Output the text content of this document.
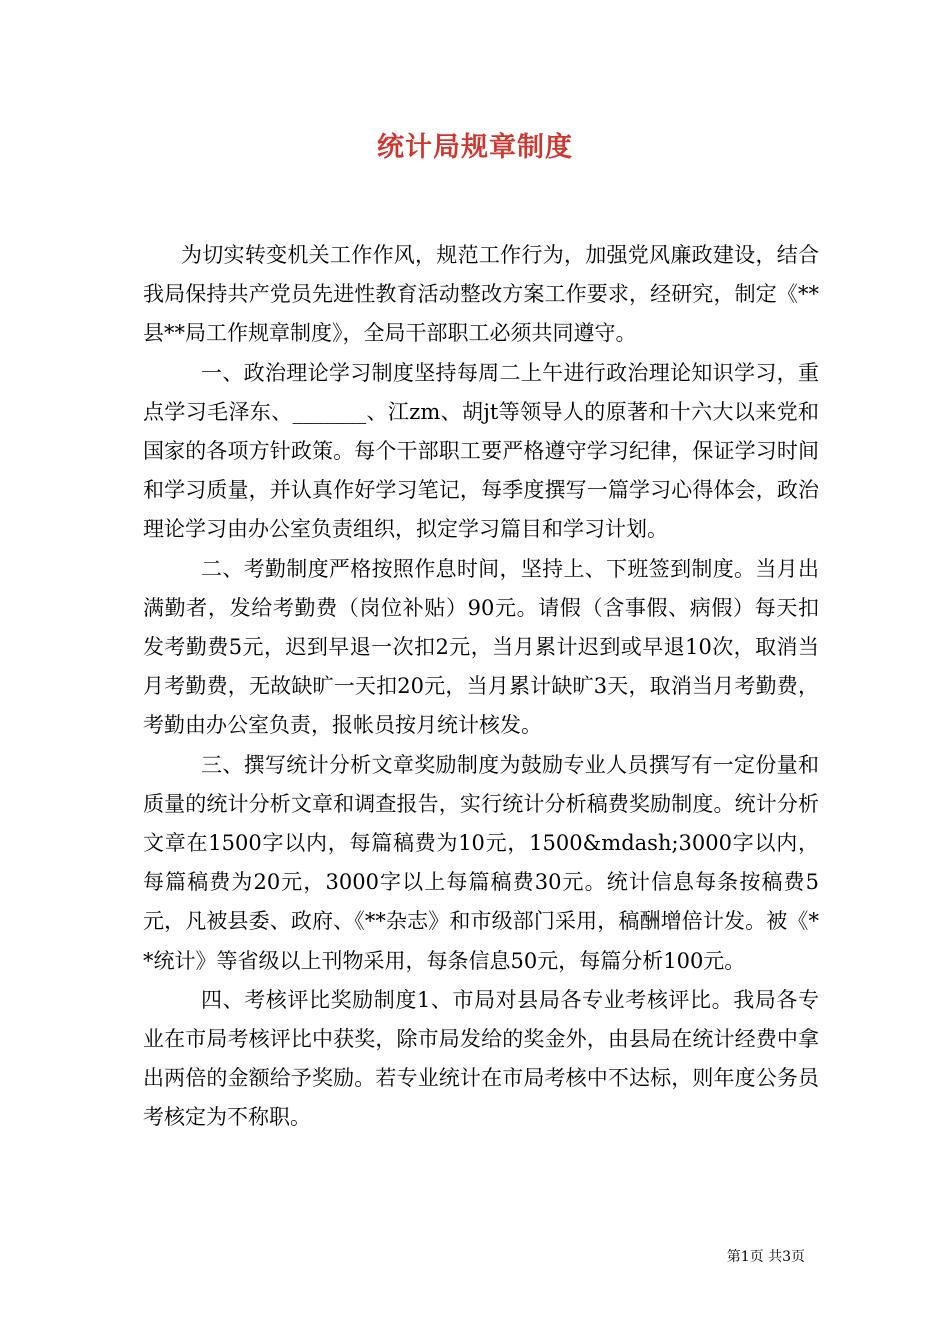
统计局规章制度

为切实转变机关工作作风，规范工作行为，加强党风廉政建设，结合我局保持共产党员先进性教育活动整改方案工作要求，经研究，制定《**县**局工作规章制度》，全局干部职工必须共同遵守。

一、政治理论学习制度坚持每周二上午进行政治理论知识学习，重点学习毛泽东、_______、江zm、胡jt等领导人的原著和十六大以来党和国家的各项方针政策。每个干部职工要严格遵守学习纪律，保证学习时间和学习质量，并认真作好学习笔记，每季度撰写一篇学习心得体会，政治理论学习由办公室负责组织，拟定学习篇目和学习计划。

二、考勤制度严格按照作息时间，坚持上、下班签到制度。当月出满勤者，发给考勤费（岗位补贴）90元。请假（含事假、病假）每天扣发考勤费5元，迟到早退一次扣2元，当月累计迟到或早退10次，取消当月考勤费，无故缺旷一天扣20元，当月累计缺旷3天，取消当月考勤费，考勤由办公室负责，报帐员按月统计核发。

三、撰写统计分析文章奖励制度为鼓励专业人员撰写有一定份量和质量的统计分析文章和调查报告，实行统计分析稿费奖励制度。统计分析文章在1500字以内，每篇稿费为10元，1500&mdash;3000字以内，每篇稿费为20元，3000字以上每篇稿费30元。统计信息每条按稿费5元，凡被县委、政府、《**杂志》和市级部门采用，稿酬增倍计发。被《**统计》等省级以上刊物采用，每条信息50元，每篇分析100元。

四、考核评比奖励制度1、市局对县局各专业考核评比。我局各专业在市局考核评比中获奖，除市局发给的奖金外，由县局在统计经费中拿出两倍的金额给予奖励。若专业统计在市局考核中不达标，则年度公务员考核定为不称职。

第1页 共3页
